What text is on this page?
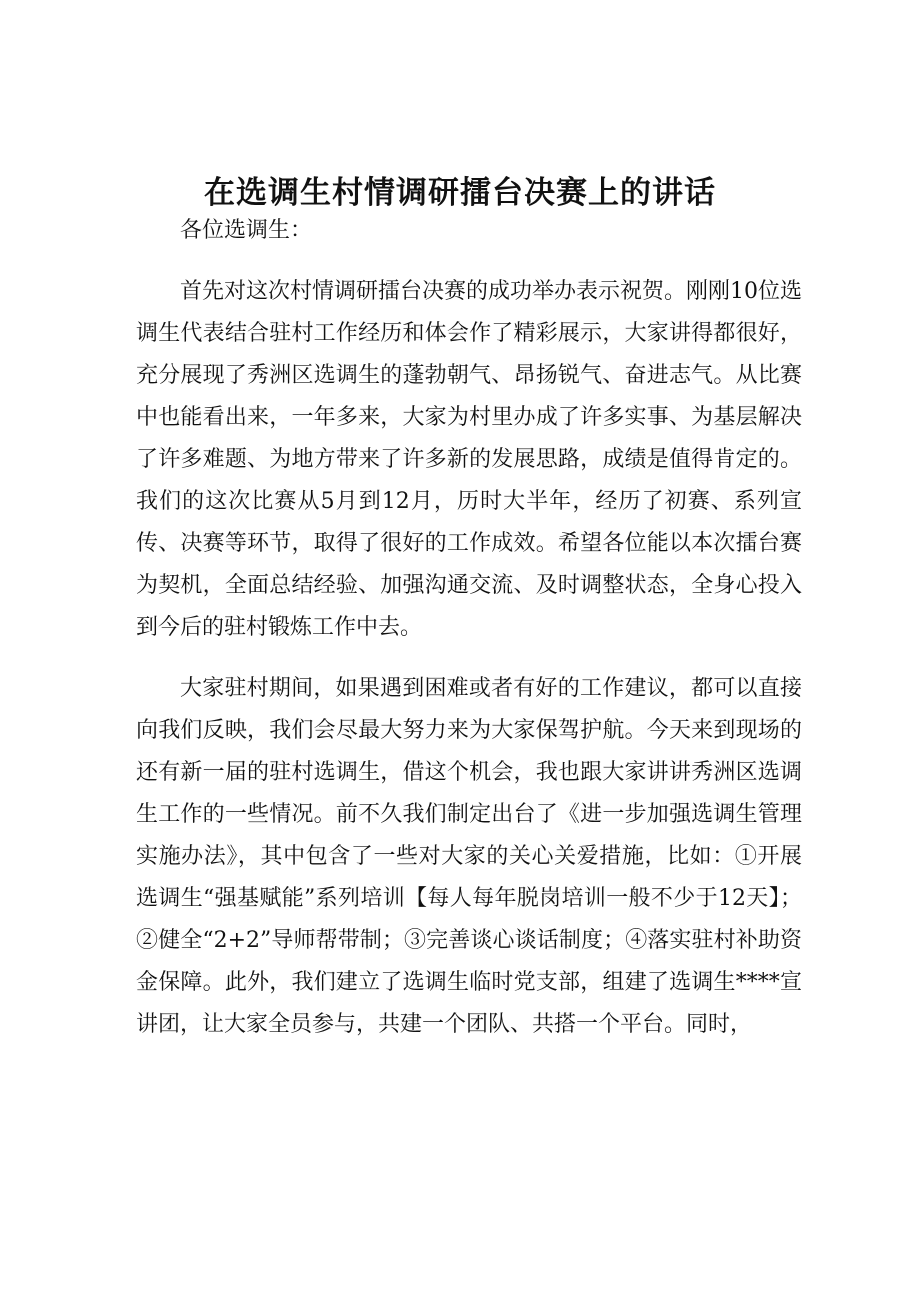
在选调生村情调研擂台决赛上的讲话

各位选调生：

首先对这次村情调研擂台决赛的成功举办表示祝贺。刚刚10位选调生代表结合驻村工作经历和体会作了精彩展示，大家讲得都很好，充分展现了秀洲区选调生的蓬勃朝气、昂扬锐气、奋进志气。从比赛中也能看出来，一年多来，大家为村里办成了许多实事、为基层解决了许多难题、为地方带来了许多新的发展思路，成绩是值得肯定的。我们的这次比赛从5月到12月，历时大半年，经历了初赛、系列宣传、决赛等环节，取得了很好的工作成效。希望各位能以本次擂台赛为契机，全面总结经验、加强沟通交流、及时调整状态，全身心投入到今后的驻村锻炼工作中去。

大家驻村期间，如果遇到困难或者有好的工作建议，都可以直接向我们反映，我们会尽最大努力来为大家保驾护航。今天来到现场的还有新一届的驻村选调生，借这个机会，我也跟大家讲讲秀洲区选调生工作的一些情况。前不久我们制定出台了《进一步加强选调生管理实施办法》，其中包含了一些对大家的关心关爱措施，比如：①开展选调生“强基赋能”系列培训【每人每年脱岗培训一般不少于12天】；②健全“2+2”导师帮带制；③完善谈心谈话制度；④落实驻村补助资金保障。此外，我们建立了选调生临时党支部，组建了选调生****宣讲团，让大家全员参与，共建一个团队、共搭一个平台。同时，
